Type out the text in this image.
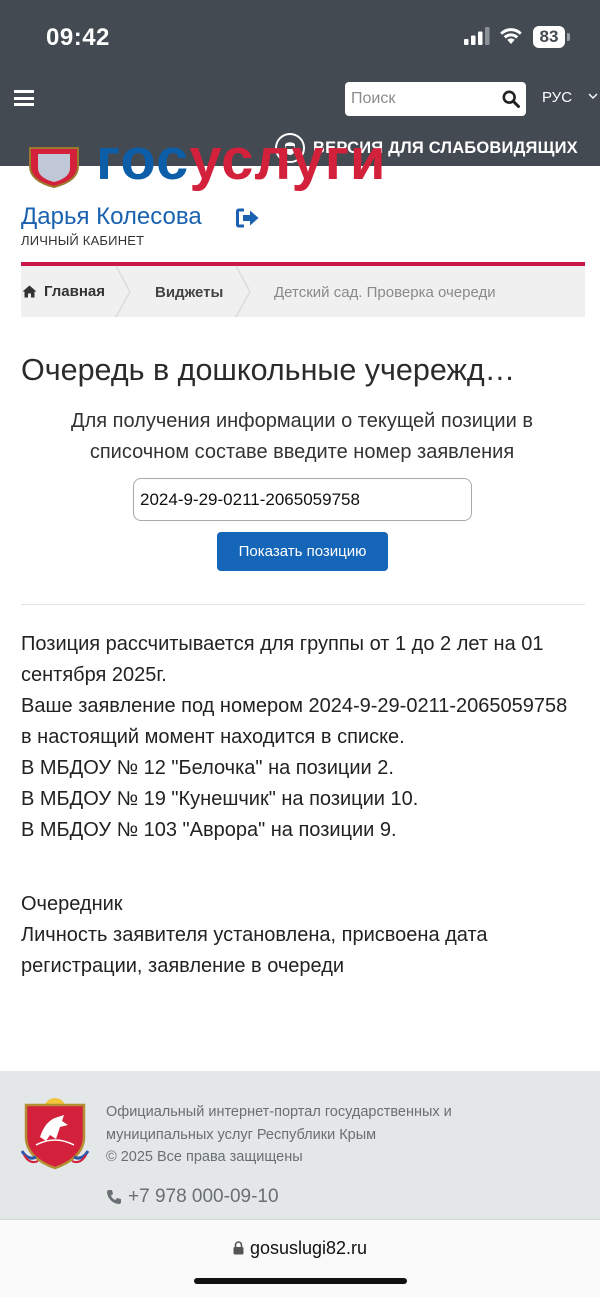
09:42	83
Поиск
РУС
ВЕРСИЯ ДЛЯ СЛАБОВИДЯЩИХ
госуслуги
Дарья Колесова
ЛИЧНЫЙ КАБИНЕТ
Главная	Виджеты	Детский сад. Проверка очереди
Очередь в дошкольные учережд…
Для получения информации о текущей позиции в списочном составе введите номер заявления
2024-9-29-0211-2065059758
Показать позицию

Позиция рассчитывается для группы от 1 до 2 лет на 01 сентября 2025г.

Ваше заявление под номером 2024-9-29-0211-2065059758 в настоящий момент находится в списке.

В МБДОУ № 12 "Белочка" на позиции 2.

В МБДОУ № 19 "Кунешчик" на позиции 10.

В МБДОУ № 103 "Аврора" на позиции 9.

Очередник

Личность заявителя установлена, присвоена дата регистрации, заявление в очереди

Официальный интернет-портал государственных и

муниципальных услуг Республики Крым

© 2025 Все права защищены

+7 978 000-09-10
gosuslugi82.ru
